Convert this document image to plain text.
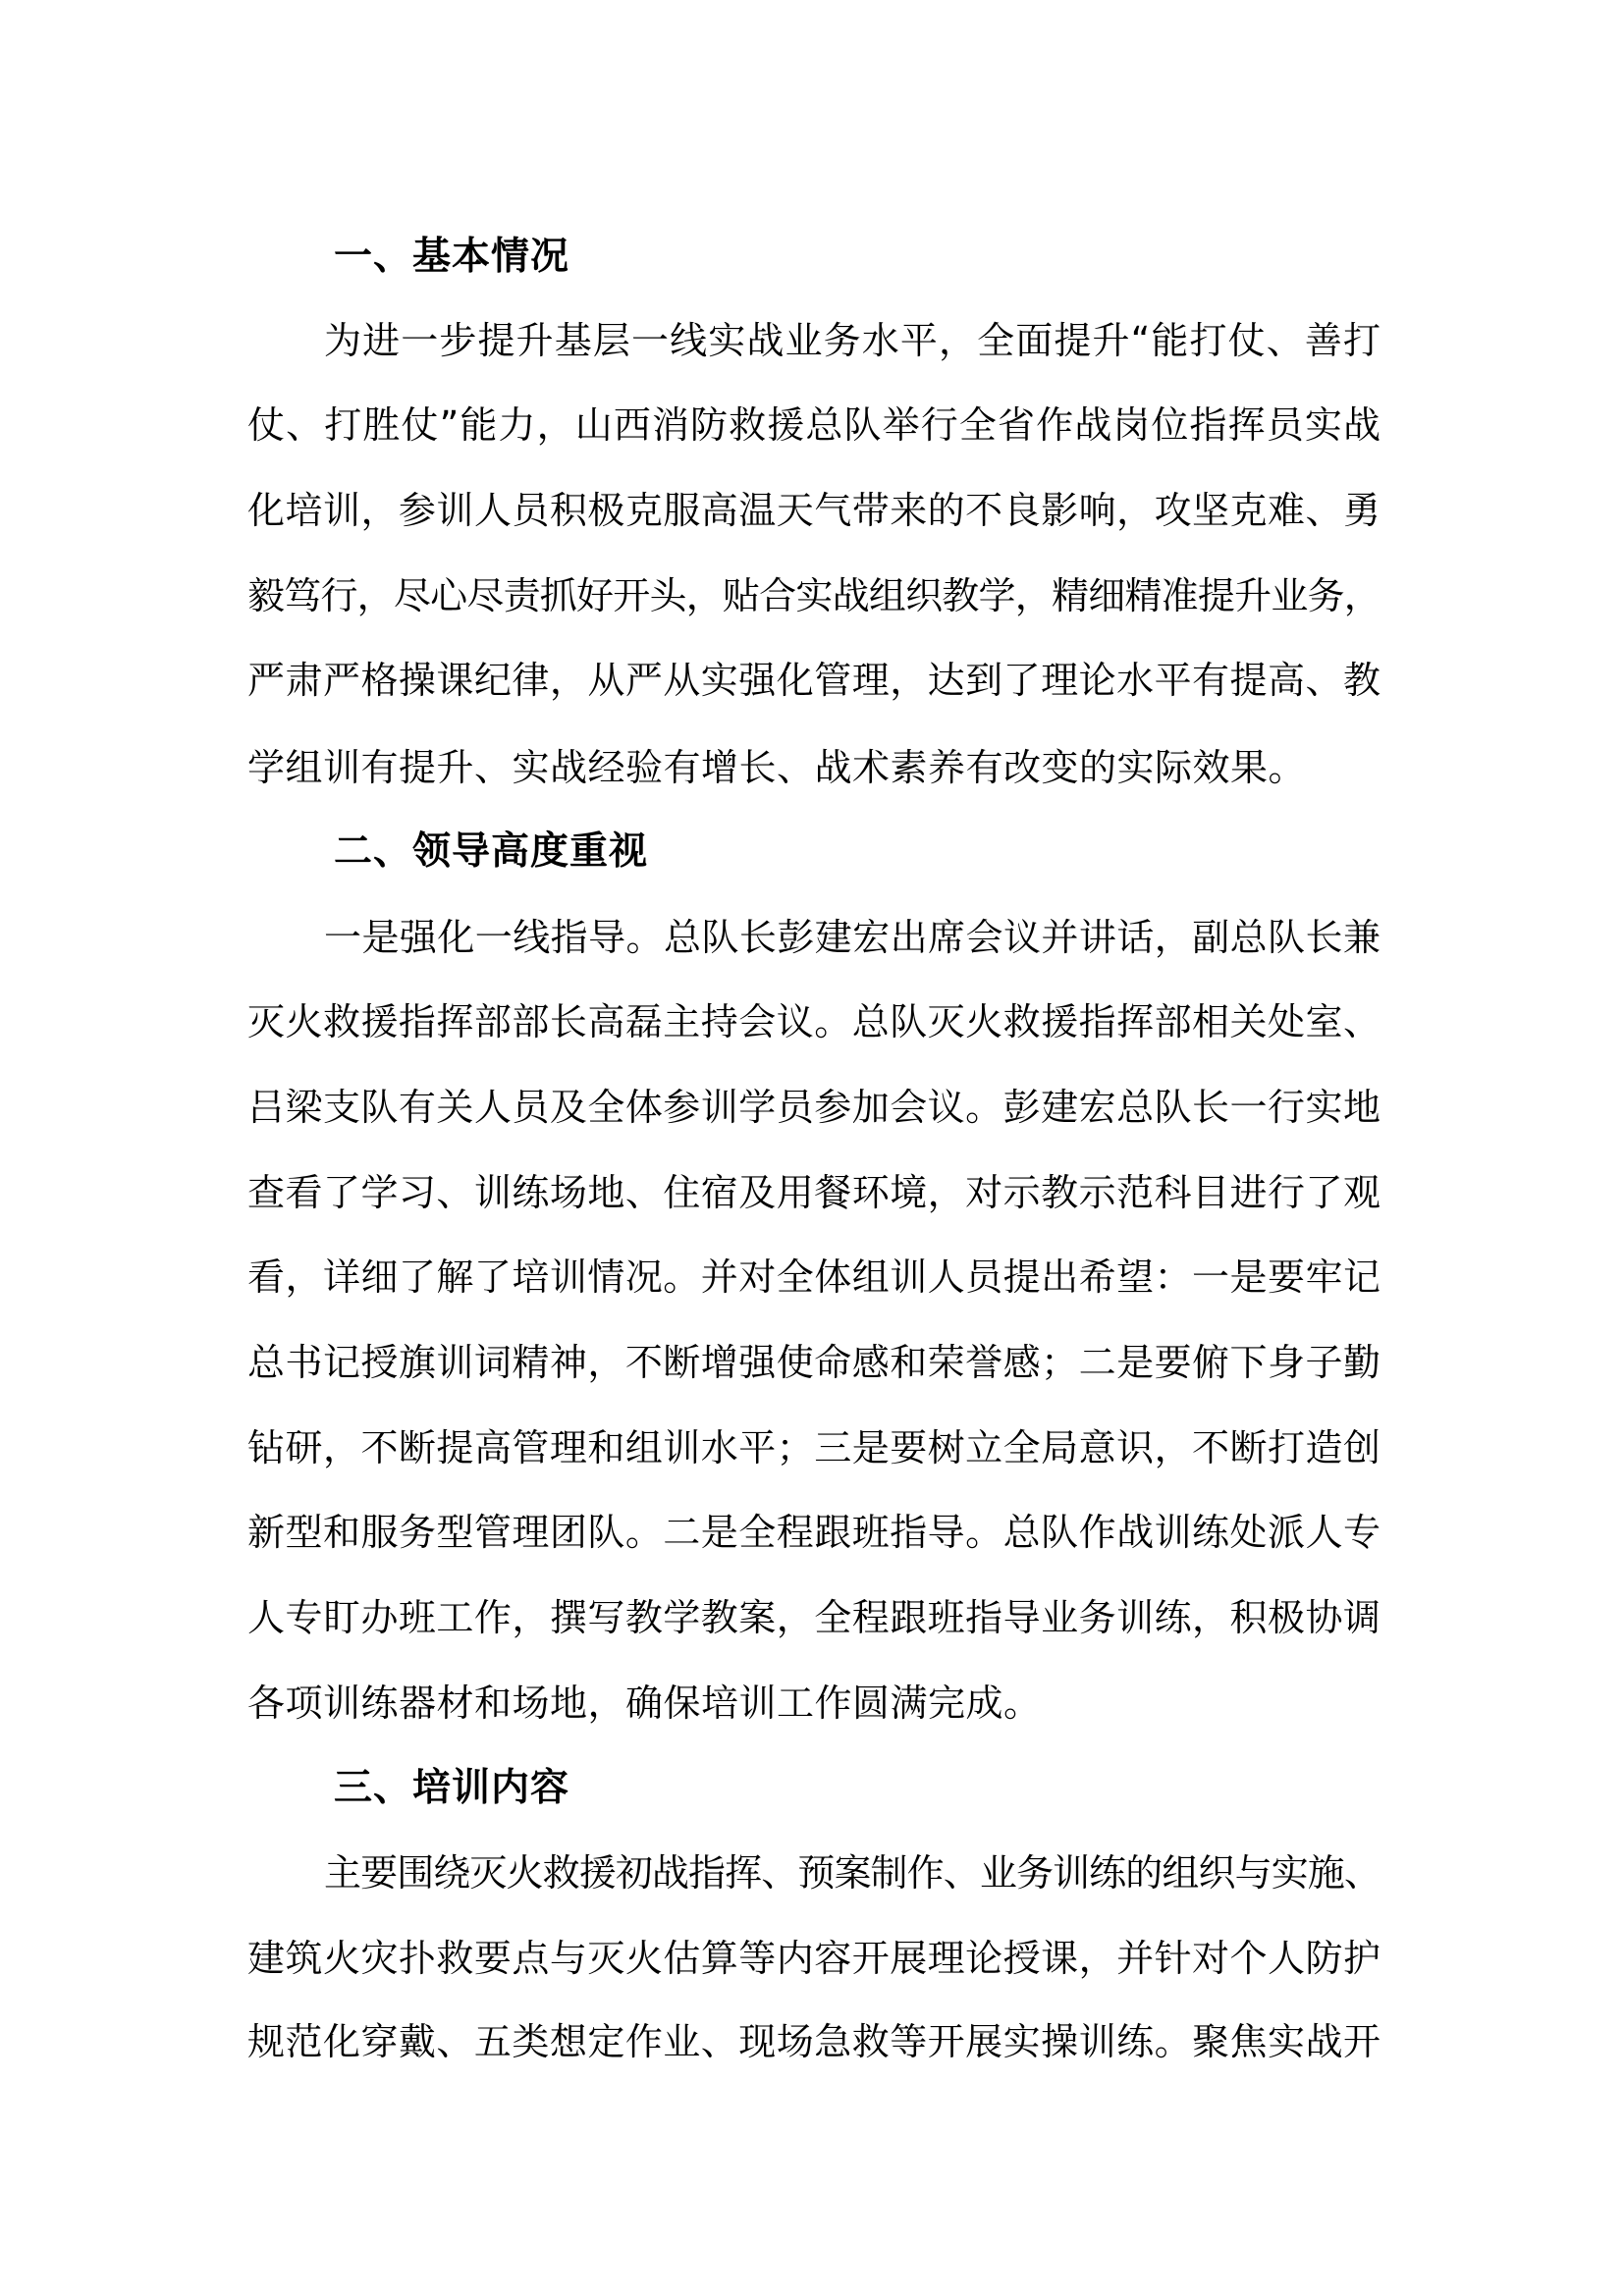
一、基本情况
为进一步提升基层一线实战业务水平，全面提升“能打仗、善打
仗、打胜仗”能力，山西消防救援总队举行全省作战岗位指挥员实战
化培训，参训人员积极克服高温天气带来的不良影响，攻坚克难、勇
毅笃行，尽心尽责抓好开头，贴合实战组织教学，精细精准提升业务，
严肃严格操课纪律，从严从实强化管理，达到了理论水平有提高、教
学组训有提升、实战经验有增长、战术素养有改变的实际效果。
二、领导高度重视
一是强化一线指导。总队长彭建宏出席会议并讲话，副总队长兼
灭火救援指挥部部长高磊主持会议。总队灭火救援指挥部相关处室、
吕梁支队有关人员及全体参训学员参加会议。彭建宏总队长一行实地
查看了学习、训练场地、住宿及用餐环境，对示教示范科目进行了观
看，详细了解了培训情况。并对全体组训人员提出希望：一是要牢记
总书记授旗训词精神，不断增强使命感和荣誉感；二是要俯下身子勤
钻研，不断提高管理和组训水平；三是要树立全局意识，不断打造创
新型和服务型管理团队。二是全程跟班指导。总队作战训练处派人专
人专盯办班工作，撰写教学教案，全程跟班指导业务训练，积极协调
各项训练器材和场地，确保培训工作圆满完成。
三、培训内容
主要围绕灭火救援初战指挥、预案制作、业务训练的组织与实施、
建筑火灾扑救要点与灭火估算等内容开展理论授课，并针对个人防护
规范化穿戴、五类想定作业、现场急救等开展实操训练。聚焦实战开
